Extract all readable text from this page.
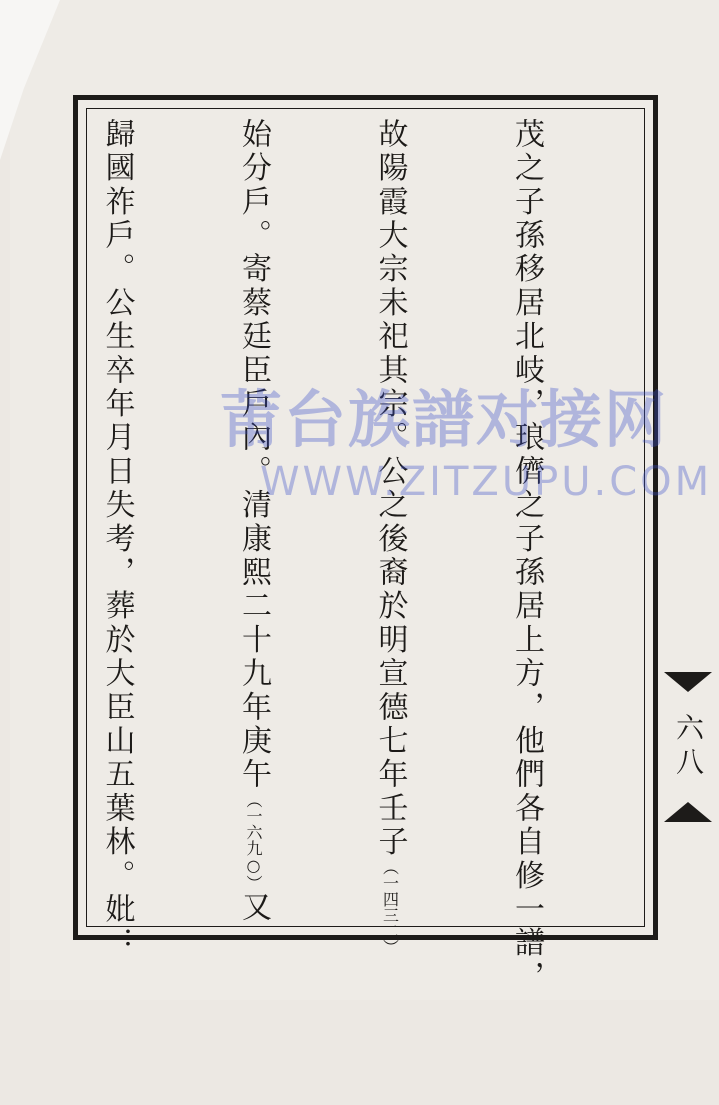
茂之子孫移居北岐，琅儕之子孫居上方，他們各自修一譜，

故陽霞大宗未祀其宗。公之後裔於明宣德七年壬子（一四三二）

始分戶。寄蔡廷臣戶內。清康熙二十九年庚午（一六九○）又

歸國祚戶。公生卒年月日失考，葬於大臣山五葉林。妣：

莆台族譜对接网
WWW.ZITZUPU.COM
六八
